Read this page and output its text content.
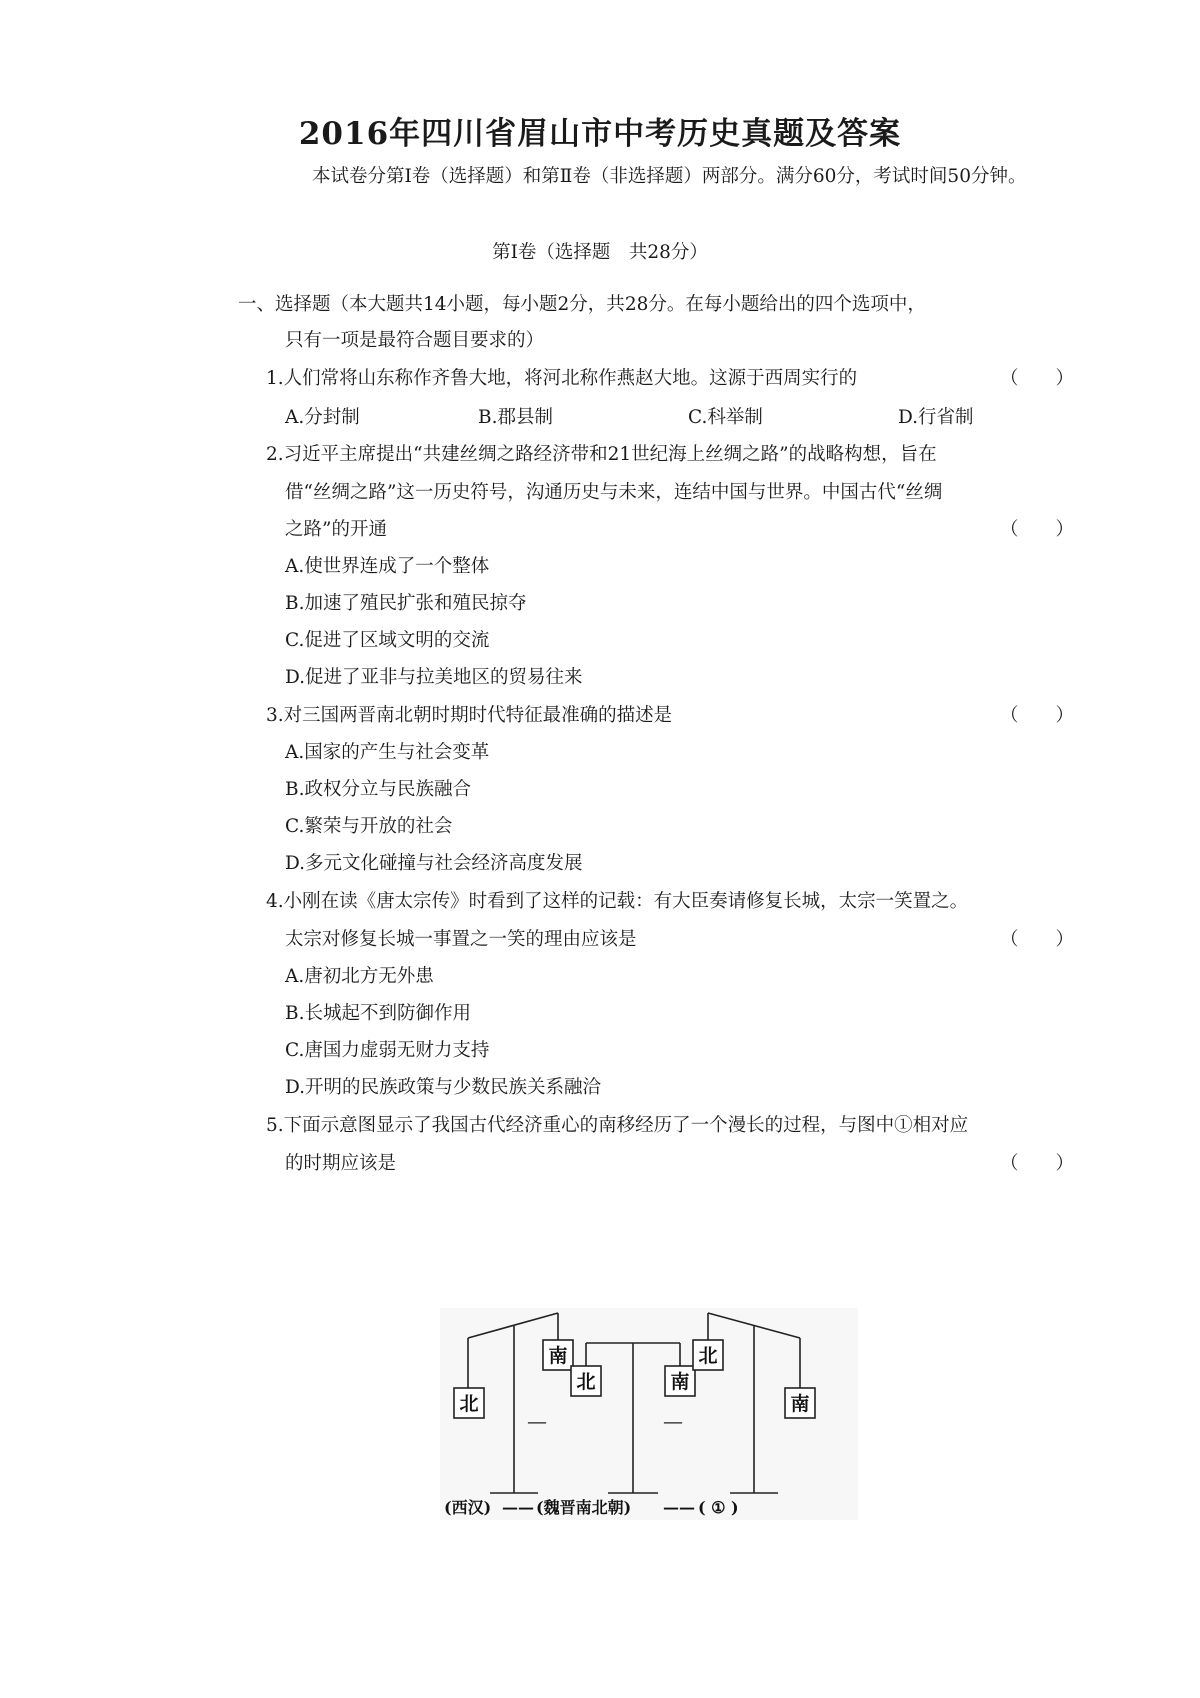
2016年四川省眉山市中考历史真题及答案
本试卷分第Ⅰ卷（选择题）和第Ⅱ卷（非选择题）两部分。满分60分，考试时间50分钟。
第Ⅰ卷（选择题　共28分）
一、选择题（本大题共14小题，每小题2分，共28分。在每小题给出的四个选项中，
只有一项是最符合题目要求的）
1.人们常将山东称作齐鲁大地，将河北称作燕赵大地。这源于西周实行的	（　　）
A.分封制	B.郡县制	C.科举制	D.行省制
2.习近平主席提出“共建丝绸之路经济带和21世纪海上丝绸之路”的战略构想，旨在
借“丝绸之路”这一历史符号，沟通历史与未来，连结中国与世界。中国古代“丝绸
之路”的开通	（　　）
A.使世界连成了一个整体
B.加速了殖民扩张和殖民掠夺
C.促进了区域文明的交流
D.促进了亚非与拉美地区的贸易往来
3.对三国两晋南北朝时期时代特征最准确的描述是	（　　）
A.国家的产生与社会变革
B.政权分立与民族融合
C.繁荣与开放的社会
D.多元文化碰撞与社会经济高度发展
4.小刚在读《唐太宗传》时看到了这样的记载：有大臣奏请修复长城，太宗一笑置之。
太宗对修复长城一事置之一笑的理由应该是	（　　）
A.唐初北方无外患
B.长城起不到防御作用
C.唐国力虚弱无财力支持
D.开明的民族政策与少数民族关系融洽
5.下面示意图显示了我国古代经济重心的南移经历了一个漫长的过程，与图中①相对应
的时期应该是	（　　）
北
南
北	南
北
南
—	—
(西汉) —— (魏晋南北朝) —— ( ① )
